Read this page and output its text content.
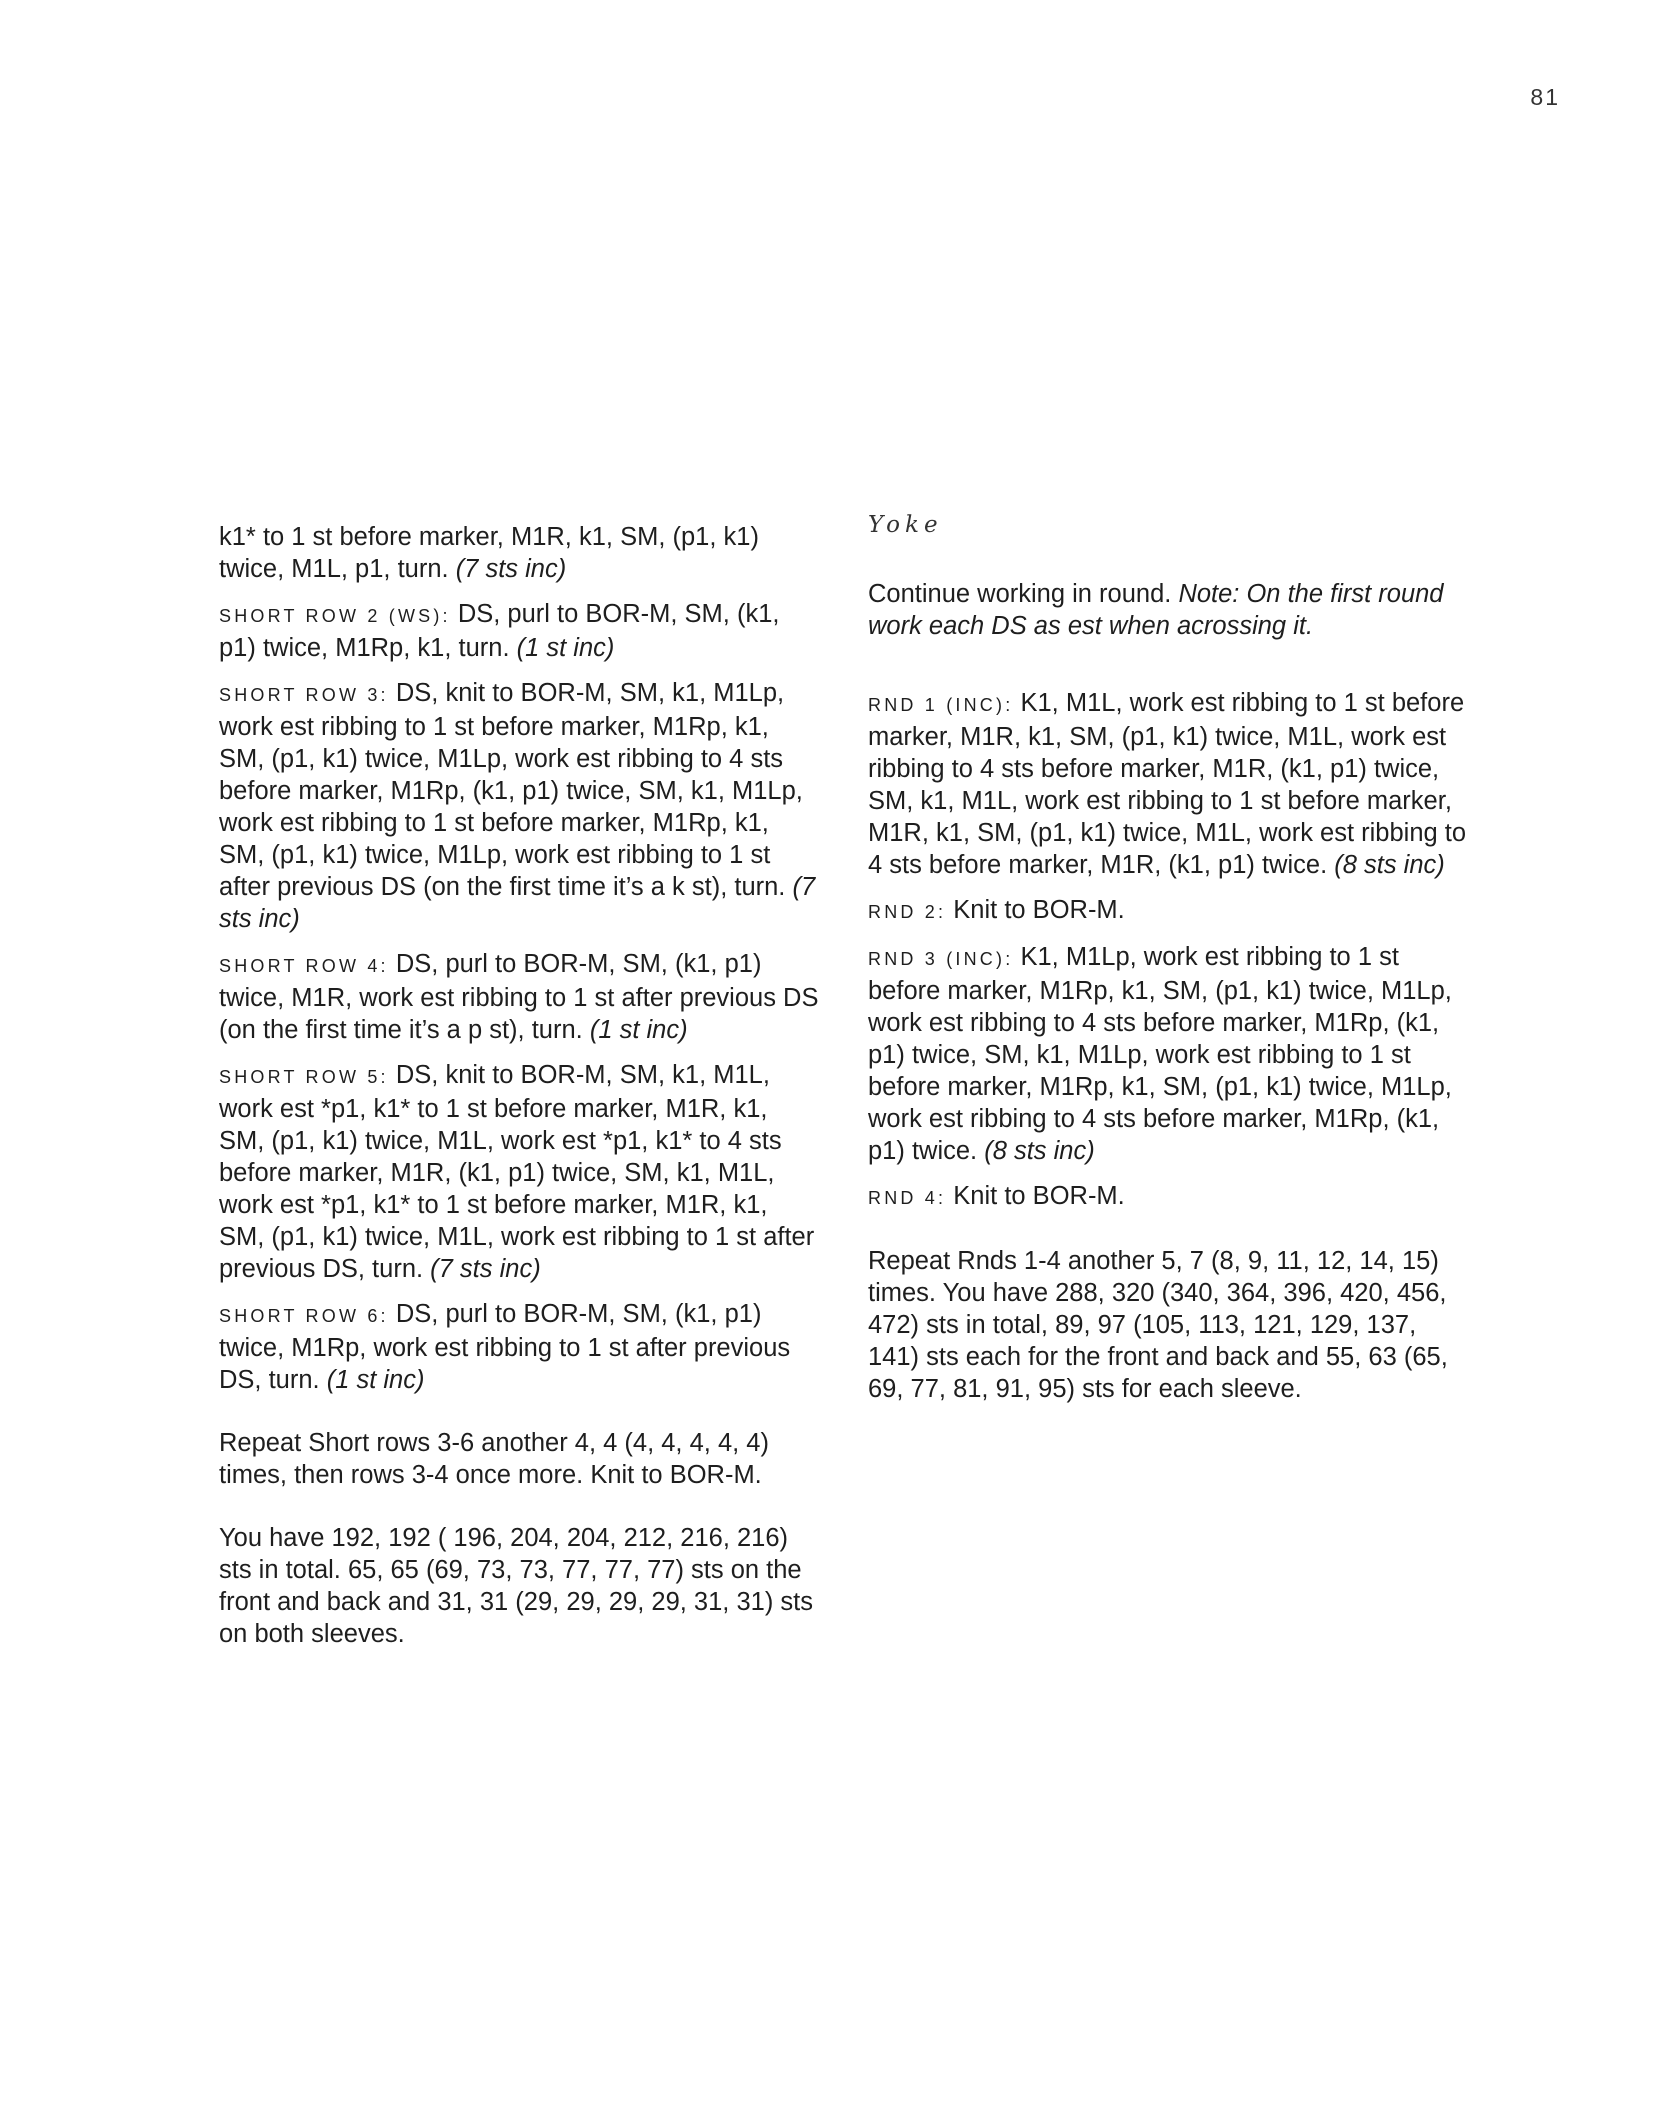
81

k1* to 1 st before marker, M1R, k1, SM, (p1, k1) twice, M1L, p1, turn. (7 sts inc)

SHORT ROW 2 (WS): DS, purl to BOR-M, SM, (k1, p1) twice, M1Rp, k1, turn. (1 st inc)

SHORT ROW 3: DS, knit to BOR-M, SM, k1, M1Lp, work est ribbing to 1 st before marker, M1Rp, k1, SM, (p1, k1) twice, M1Lp, work est ribbing to 4 sts before marker, M1Rp, (k1, p1) twice, SM, k1, M1Lp, work est ribbing to 1 st before marker, M1Rp, k1, SM, (p1, k1) twice, M1Lp, work est ribbing to 1 st after previous DS (on the first time it’s a k st), turn. (7 sts inc)

SHORT ROW 4: DS, purl to BOR-M, SM, (k1, p1) twice, M1R, work est ribbing to 1 st after previous DS (on the first time it’s a p st), turn. (1 st inc)

SHORT ROW 5: DS, knit to BOR-M, SM, k1, M1L, work est *p1, k1* to 1 st before marker, M1R, k1, SM, (p1, k1) twice, M1L, work est *p1, k1* to 4 sts before marker, M1R, (k1, p1) twice, SM, k1, M1L, work est *p1, k1* to 1 st before marker, M1R, k1, SM, (p1, k1) twice, M1L, work est ribbing to 1 st after previous DS, turn. (7 sts inc)

SHORT ROW 6: DS, purl to BOR-M, SM, (k1, p1) twice, M1Rp, work est ribbing to 1 st after previous DS, turn. (1 st inc)

Repeat Short rows 3-6 another 4, 4 (4, 4, 4, 4, 4) times, then rows 3-4 once more. Knit to BOR-M.

You have 192, 192 ( 196, 204, 204, 212, 216, 216) sts in total. 65, 65 (69, 73, 73, 77, 77, 77) sts on the front and back and 31, 31 (29, 29, 29, 29, 31, 31) sts on both sleeves.

Yoke

Continue working in round. Note: On the first round work each DS as est when acrossing it.

RND 1 (INC): K1, M1L, work est ribbing to 1 st before marker, M1R, k1, SM, (p1, k1) twice, M1L, work est ribbing to 4 sts before marker, M1R, (k1, p1) twice, SM, k1, M1L, work est ribbing to 1 st before marker, M1R, k1, SM, (p1, k1) twice, M1L, work est ribbing to 4 sts before marker, M1R, (k1, p1) twice. (8 sts inc)

RND 2: Knit to BOR-M.

RND 3 (INC): K1, M1Lp, work est ribbing to 1 st before marker, M1Rp, k1, SM, (p1, k1) twice, M1Lp, work est ribbing to 4 sts before marker, M1Rp, (k1, p1) twice, SM, k1, M1Lp, work est ribbing to 1 st before marker, M1Rp, k1, SM, (p1, k1) twice, M1Lp, work est ribbing to 4 sts before marker, M1Rp, (k1, p1) twice. (8 sts inc)

RND 4: Knit to BOR-M.

Repeat Rnds 1-4 another 5, 7 (8, 9, 11, 12, 14, 15) times. You have 288, 320 (340, 364, 396, 420, 456, 472) sts in total, 89, 97 (105, 113, 121, 129, 137, 141) sts each for the front and back and 55, 63 (65, 69, 77, 81, 91, 95) sts for each sleeve.
